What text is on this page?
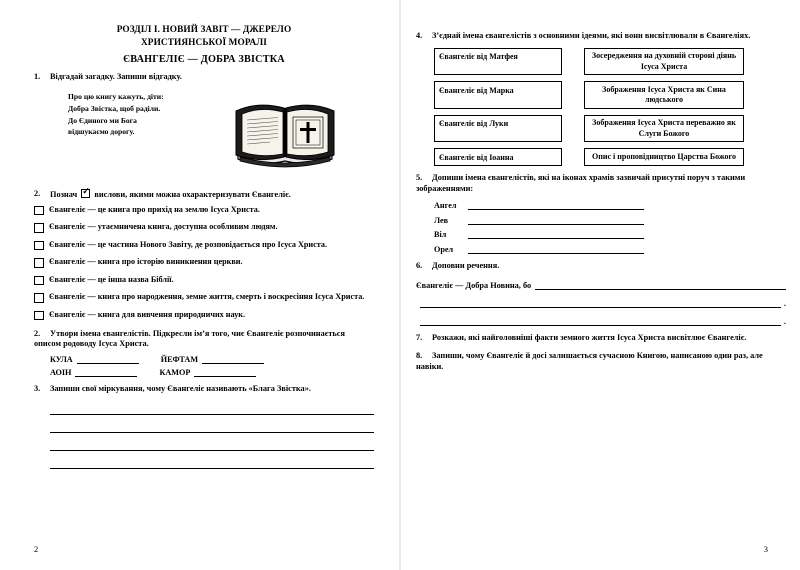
РОЗДІЛ I. НОВИЙ ЗАВІТ — ДЖЕРЕЛО
ХРИСТИЯНСЬКОЇ МОРАЛІ
ЄВАНГЕЛІЄ — ДОБРА ЗВІСТКА
1.	Відгадай загадку. Запиши відгадку.
Про цю книгу кажуть, діти:
Добра Звістка, щоб раділи.
До Єдиного ми Бога
відшукаємо дорогу.
2. Познач ✓ вислови, якими можна охарактеризувати Євангеліє.
Євангеліє — це книга про прихід на землю Ісуса Христа.
Євангеліє — утаємничена книга, доступна особливим людям.
Євангеліє — це частина Нового Завіту, де розповідається про Ісуса Христа.
Євангеліє — книга про історію виникнення церкви.
Євангеліє — це інша назва Біблії.
Євангеліє — книга про народження, земне життя, смерть і воскресіння Ісуса Христа.
Євангеліє — книга для вивчення природничих наук.
2.	Утвори імена євангелістів. Підкресли ім’я того, чиє Євангеліє розпочинається описом родоводу Ісуса Христа.
КУЛА	ЙЕФТАМ
АОІН	КАМОР
3.	Запиши свої міркування, чому Євангеліє називають «Блага Звістка».
2
4.	З’єднай імена євангелістів з основними ідеями, які вони висвітлювали в Євангеліях.
Євангеліє від Матфея	Зосередження на духовній стороні діянь Ісуса Христа
Євангеліє від Марка	Зображення Ісуса Христа як Сина людського
Євангеліє від Луки	Зображення Ісуса Христа переважно як Слуги Божого
Євангеліє від Іоанна	Опис і проповідництво Царства Божого
5.	Допиши імена євангелістів, які на іконах храмів зазвичай присутні поруч з такими зображеннями:
Ангел
Лев
Віл
Орел
6.	Доповни речення.
Євангеліє — Добра Новина, бо
.
.
7.	Розкажи, які найголовніші факти земного життя Ісуса Христа висвітлює Євангеліє.
8.	Запиши, чому Євангеліє й досі залишається сучасною Книгою, написаною один раз, але навіки.
3
